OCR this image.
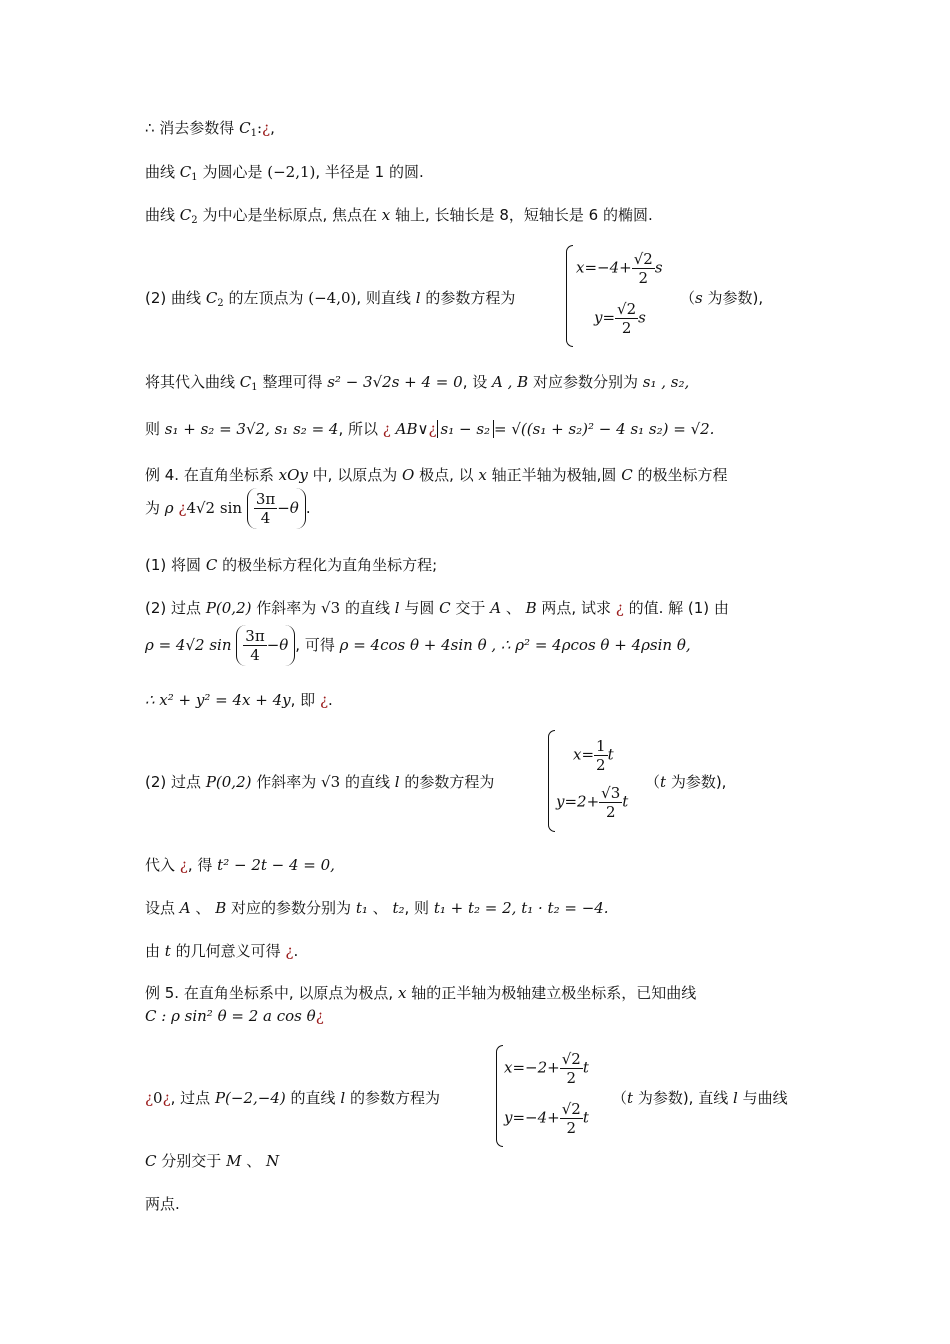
∴ 消去参数得 $C_1:¿$,
曲线 $C_1$ 为圆心是 (−2,1), 半径是 1 的圆.
曲线 $C_2$ 为中心是坐标原点, 焦点在 x 轴上, 长轴长是 8，短轴长是 6 的椭圆.
(2) 曲线 $C_2$ 的左顶点为 (−4,0), 则直线 l 的参数方程为
$x=-4+ \frac{√2}{2}$ s
$y= \frac{√2}{2}$ s
（s 为参数),
将其代入曲线 $C_1$ 整理可得 s² − 3√2s + 4 = 0, 设 A , B 对应参数分别为 s₁ , s₂,
则 s₁ + s₂ = 3√2, s₁ s₂ = 4, 所以 ¿ AB∨¿ s₁ − s₂ = √((s₁ + s₂)² − 4 s₁ s₂) = √2.
例 4. 在直角坐标系 xOy 中, 以原点为 O 极点, 以 x 轴正半轴为极轴,圆 C 的极坐标方程
为 ρ ¿4√2 $\sin \frac{3\pi}{4} -\theta$ .
(1) 将圆 C 的极坐标方程化为直角坐标方程;
(2) 过点 P(0,2) 作斜率为 √3 的直线 l 与圆 C 交于 A 、 B 两点, 试求 ¿ 的值. 解 (1) 由
ρ = 4√2 $\sin \frac{3\pi}{4} -\theta$ , 可得 ρ = 4cos θ + 4sin θ , ∴ ρ² = 4ρcos θ + 4ρsin θ,
∴ x² + y² = 4x + 4y, 即 ¿.
(2) 过点 P(0,2) 作斜率为 √3 的直线 l 的参数方程为
$x= \frac{1}{2}$ t
$y=2+ \frac{√3}{2}$ t
（t 为参数),
代入 ¿, 得 t² − 2t − 4 = 0,
设点 A 、 B 对应的参数分别为 t₁ 、 t₂, 则 t₁ + t₂ = 2, t₁ · t₂ = −4.
由 t 的几何意义可得 ¿.
例 5. 在直角坐标系中, 以原点为极点, x 轴的正半轴为极轴建立极坐标系，已知曲线
C : ρ sin² θ = 2 a cos θ¿
¿0¿, 过点 P(−2,−4) 的直线 l 的参数方程为
$x=-2+ \frac{√2}{2}$ t
$y=-4+ \frac{√2}{2}$ t
（t 为参数), 直线 l 与曲线
C 分别交于 M 、 N
两点.
